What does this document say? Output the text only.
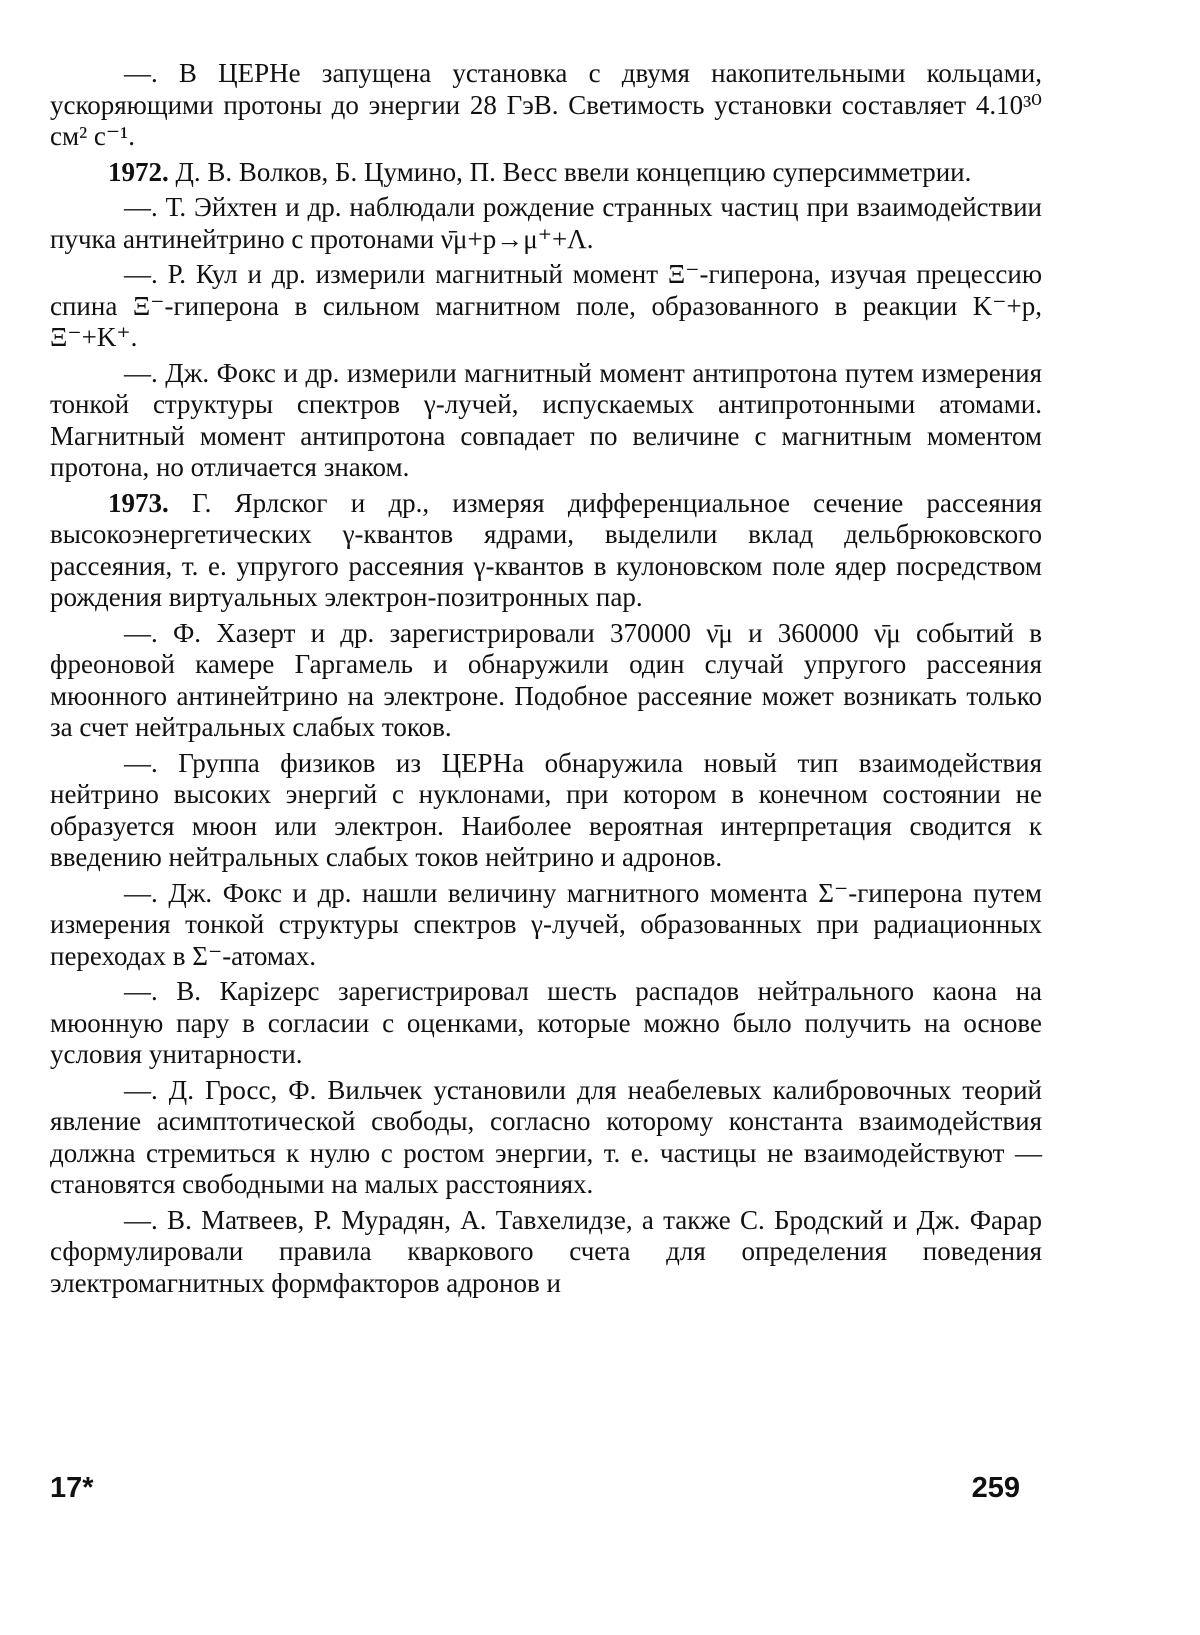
—. В ЦЕРНе запущена установка с двумя накопительными кольцами, ускоряющими протоны до энергии 28 ГэВ. Светимость установки составляет 4.10³⁰ см² с⁻¹.

1972. Д. В. Волков, Б. Цумино, П. Весс ввели концепцию суперсимметрии.

—. Т. Эйхтен и др. наблюдали рождение странных частиц при взаимодействии пучка антинейтрино с протонами ν̄μ+p→μ⁺+Λ.

—. Р. Кул и др. измерили магнитный момент Ξ⁻-гиперона, изучая прецессию спина Ξ⁻-гиперона в сильном магнитном поле, образованного в реакции K⁻+p, Ξ⁻+K⁺.

—. Дж. Фокс и др. измерили магнитный момент антипротона путем измерения тонкой структуры спектров γ-лучей, испускаемых антипротонными атомами. Магнитный момент антипротона совпадает по величине с магнитным моментом протона, но отличается знаком.

1973. Г. Ярлског и др., измеряя дифференциальное сечение рассеяния высокоэнергетических γ-квантов ядрами, выделили вклад дельбрюковского рассеяния, т. е. упругого рассеяния γ-квантов в кулоновском поле ядер посредством рождения виртуальных электрон-позитронных пар.

—. Ф. Хазерт и др. зарегистрировали 370000 ν̄μ и 360000 ν̄μ событий в фреоновой камере Гаргамель и обнаружили один случай упругого рассеяния мюонного антинейтрино на электроне. Подобное рассеяние может возникать только за счет нейтральных слабых токов.

—. Группа физиков из ЦЕРНа обнаружила новый тип взаимодействия нейтрино высоких энергий с нуклонами, при котором в конечном состоянии не образуется мюон или электрон. Наиболее вероятная интерпретация сводится к введению нейтральных слабых токов нейтрино и адронов.

—. Дж. Фокс и др. нашли величину магнитного момента Σ⁻-гиперона путем измерения тонкой структуры спектров γ-лучей, образованных при радиационных переходах в Σ⁻-атомах.

—. В. Карizерс зарегистрировал шесть распадов нейтрального каона на мюонную пару в согласии с оценками, которые можно было получить на основе условия унитарности.

—. Д. Гросс, Ф. Вильчек установили для неабелевых калибровочных теорий явление асимптотической свободы, согласно которому константа взаимодействия должна стремиться к нулю с ростом энергии, т. е. частицы не взаимодействуют — становятся свободными на малых расстояниях.

—. В. Матвеев, Р. Мурадян, А. Тавхелидзе, а также С. Бродский и Дж. Фарар сформулировали правила кваркового счета для определения поведения электромагнитных формфакторов адронов и

17*	259
